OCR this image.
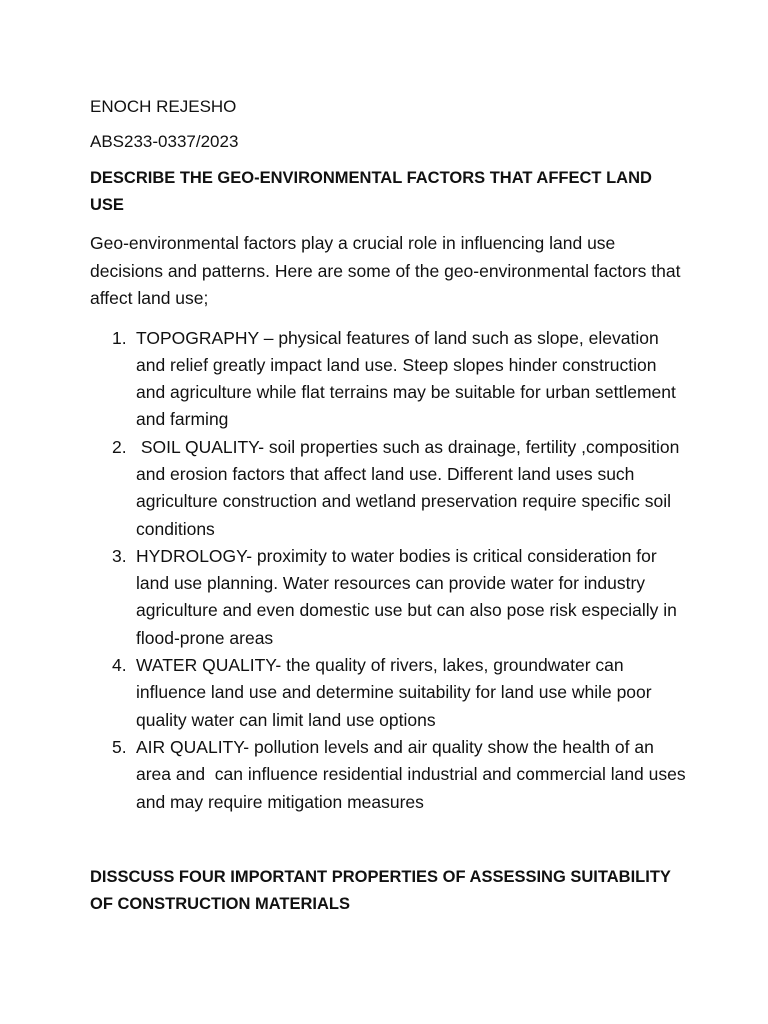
ENOCH REJESHO

ABS233-0337/2023

DESCRIBE THE GEO-ENVIRONMENTAL FACTORS THAT AFFECT LAND USE

Geo-environmental factors play a crucial role in influencing land use decisions and patterns. Here are some of the geo-environmental factors that affect land use;

1. TOPOGRAPHY – physical features of land such as slope, elevation and relief greatly impact land use. Steep slopes hinder construction and agriculture while flat terrains may be suitable for urban settlement and farming
2. SOIL QUALITY- soil properties such as drainage, fertility ,composition and erosion factors that affect land use. Different land uses such agriculture construction and wetland preservation require specific soil conditions
3. HYDROLOGY- proximity to water bodies is critical consideration for land use planning. Water resources can provide water for industry agriculture and even domestic use but can also pose risk especially in flood-prone areas
4. WATER QUALITY- the quality of rivers, lakes, groundwater can influence land use and determine suitability for land use while poor quality water can limit land use options
5. AIR QUALITY- pollution levels and air quality show the health of an area and  can influence residential industrial and commercial land uses and may require mitigation measures

DISSCUSS FOUR IMPORTANT PROPERTIES OF ASSESSING SUITABILITY OF CONSTRUCTION MATERIALS
